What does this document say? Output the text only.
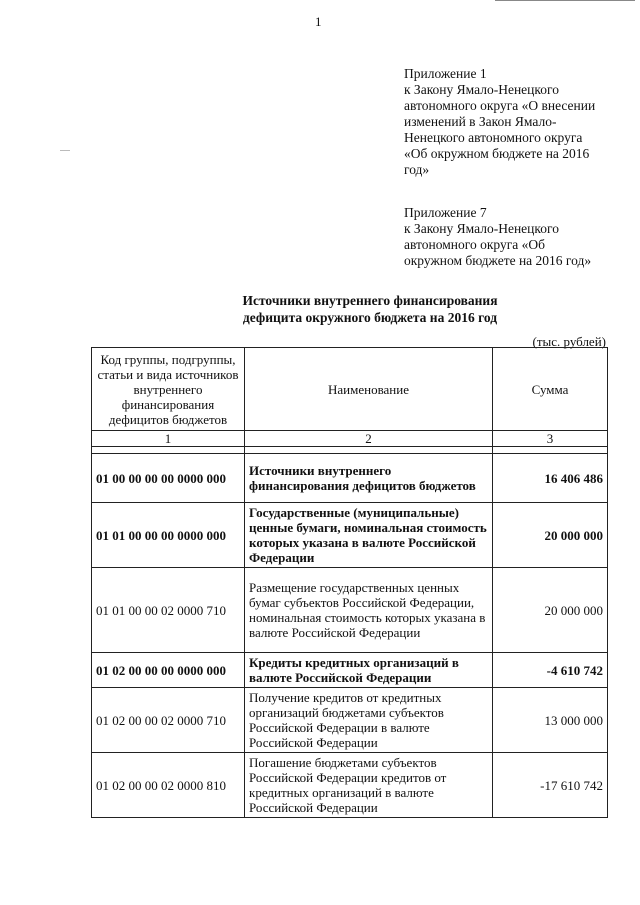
1
Приложение 1
к Закону Ямало-Ненецкого
автономного округа «О внесении
изменений в Закон Ямало-
Ненецкого автономного округа
«Об окружном бюджете на 2016
год»
Приложение 7
к Закону Ямало-Ненецкого
автономного округа «Об
окружном бюджете на 2016 год»
Источники внутреннего финансирования
дефицита окружного бюджета на 2016 год
(тыс. рублей)
Код группы, подгруппы, статьи и вида источников внутреннего финансирования дефицитов бюджетов	Наименование	Сумма
1	2	3

01 00 00 00 00 0000 000	Источники внутреннего финансирования дефицитов бюджетов	16 406 486
01 01 00 00 00 0000 000	Государственные (муниципальные) ценные бумаги, номинальная стоимость которых указана в валюте Российской Федерации	20 000 000
01 01 00 00 02 0000 710	Размещение государственных ценных бумаг субъектов Российской Федерации, номинальная стоимость которых указана в валюте Российской Федерации	20 000 000
01 02 00 00 00 0000 000	Кредиты кредитных организаций в валюте Российской Федерации	-4 610 742
01 02 00 00 02 0000 710	Получение кредитов от кредитных организаций бюджетами субъектов Российской Федерации в валюте Российской Федерации	13 000 000
01 02 00 00 02 0000 810	Погашение бюджетами субъектов Российской Федерации кредитов от кредитных организаций в валюте Российской Федерации	-17 610 742
